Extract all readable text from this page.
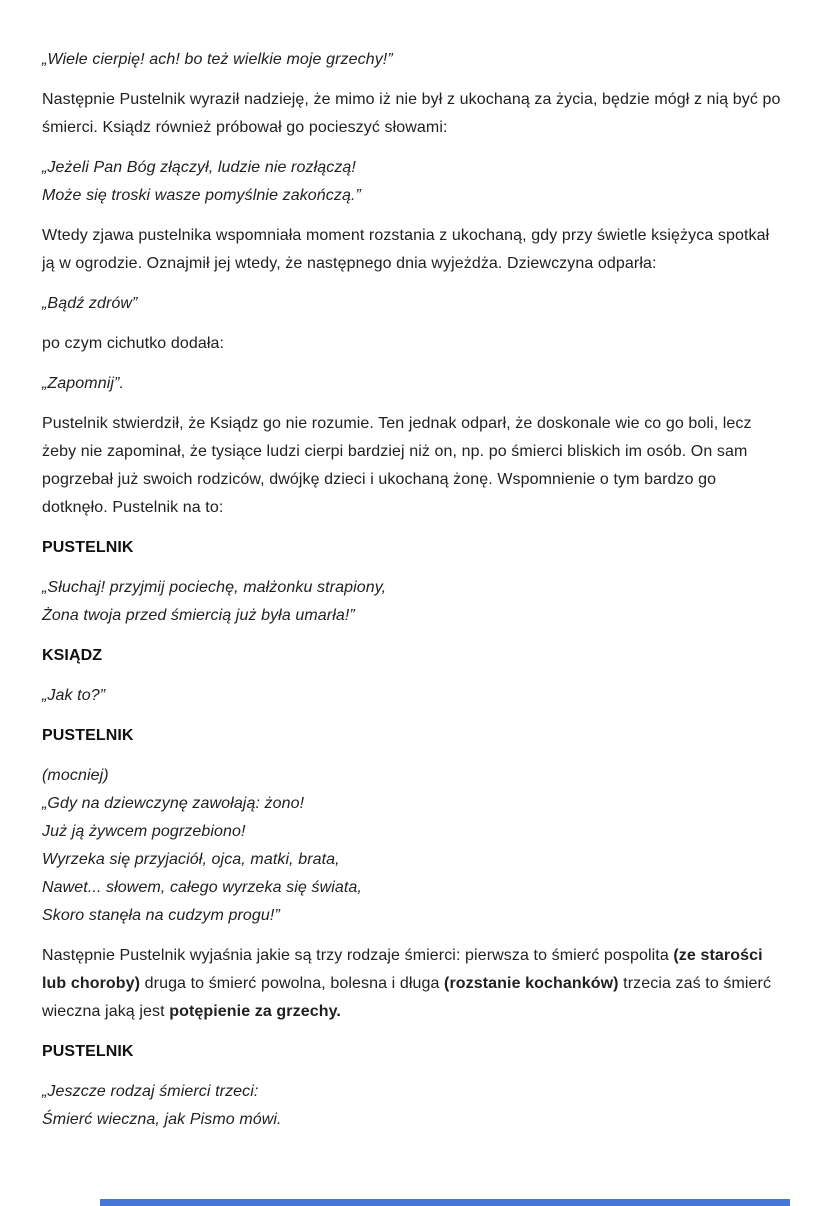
„Wiele cierpię! ach! bo też wielkie moje grzechy!”

Następnie Pustelnik wyraził nadzieję, że mimo iż nie był z ukochaną za życia, będzie mógł z nią być po śmierci. Ksiądz również próbował go pocieszyć słowami:

„Jeżeli Pan Bóg złączył, ludzie nie rozłączą!
Może się troski wasze pomyślnie zakończą.”

Wtedy zjawa pustelnika wspomniała moment rozstania z ukochaną, gdy przy świetle księżyca spotkał ją w ogrodzie. Oznajmił jej wtedy, że następnego dnia wyjeżdża. Dziewczyna odparła:

„Bądź zdrów”

po czym cichutko dodała:

„Zapomnij”.

Pustelnik stwierdził, że Ksiądz go nie rozumie. Ten jednak odparł, że doskonale wie co go boli, lecz żeby nie zapominał, że tysiące ludzi cierpi bardziej niż on, np. po śmierci bliskich im osób. On sam pogrzebał już swoich rodziców, dwójkę dzieci i ukochaną żonę. Wspomnienie o tym bardzo go dotknęło. Pustelnik na to:

PUSTELNIK

„Słuchaj! przyjmij pociechę, małżonku strapiony,
Żona twoja przed śmiercią już była umarła!”

KSIĄDZ

„Jak to?”

PUSTELNIK

(mocniej)
„Gdy na dziewczynę zawołają: żono!
Już ją żywcem pogrzebiono!
Wyrzeka się przyjaciół, ojca, matki, brata,
Nawet... słowem, całego wyrzeka się świata,
Skoro stanęła na cudzym progu!”

Następnie Pustelnik wyjaśnia jakie są trzy rodzaje śmierci: pierwsza to śmierć pospolita (ze starości lub choroby) druga to śmierć powolna, bolesna i długa (rozstanie kochanków) trzecia zaś to śmierć wieczna jaką jest potępienie za grzechy.

PUSTELNIK

„Jeszcze rodzaj śmierci trzeci:
Śmierć wieczna, jak Pismo mówi.
